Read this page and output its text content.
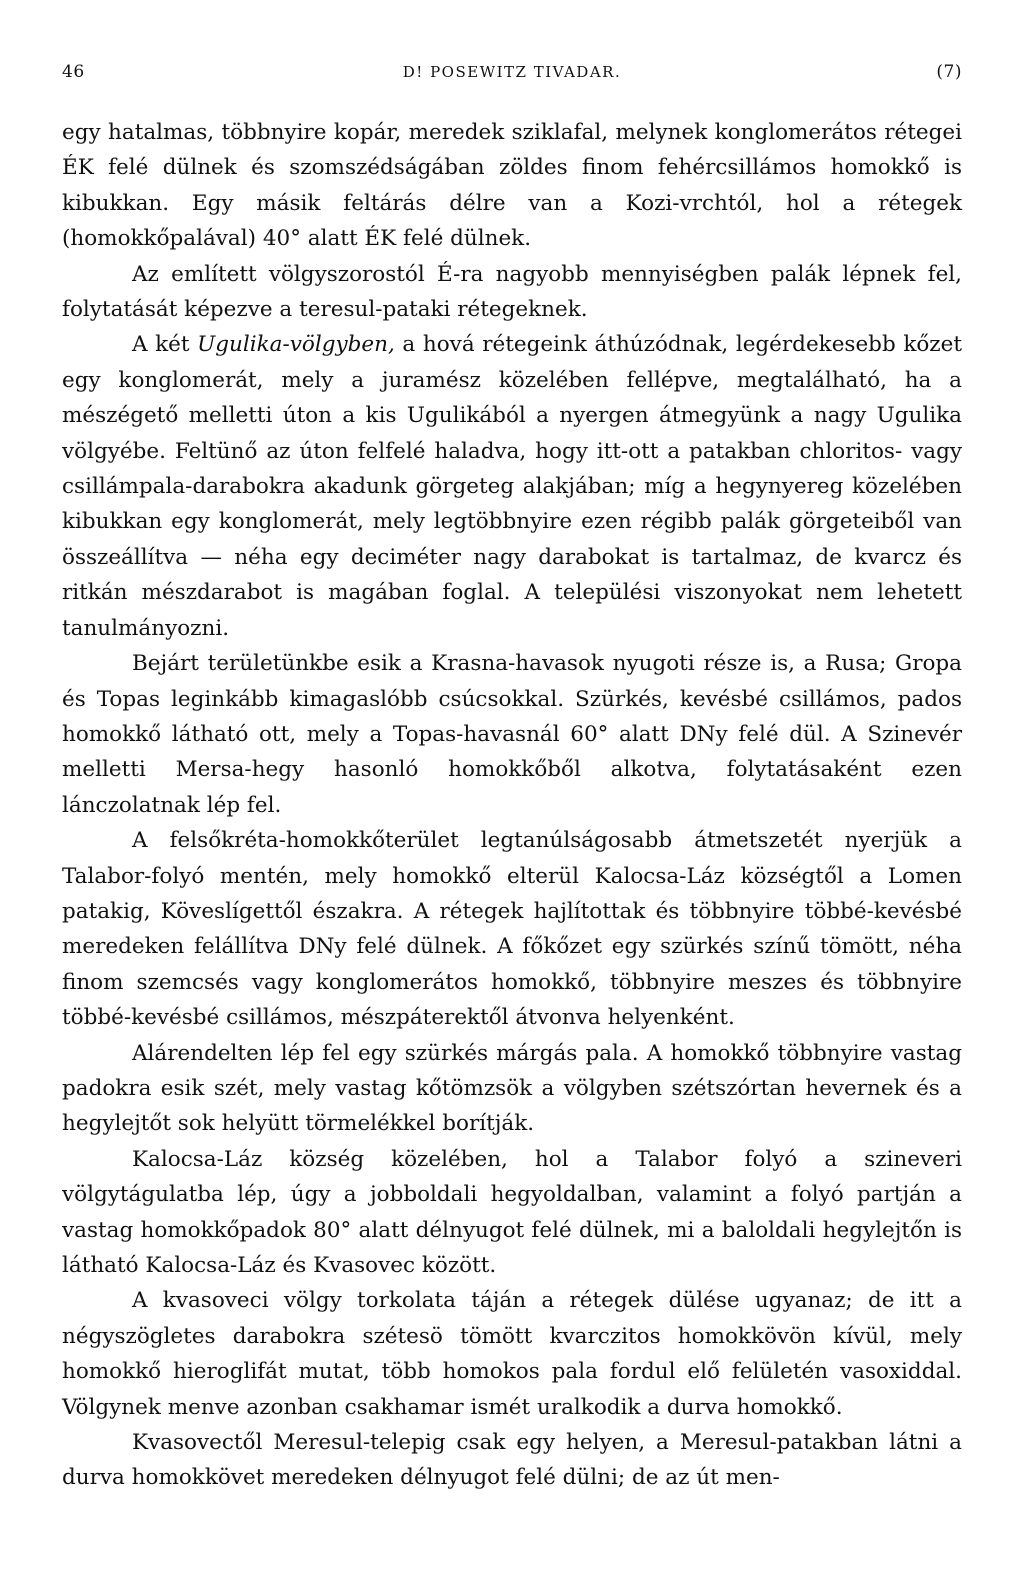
46	D! POSEWITZ TIVADAR.	(7)

egy hatalmas, többnyire kopár, meredek sziklafal, melynek konglomerátos rétegei ÉK felé dülnek és szomszédságában zöldes finom fehércsillámos homokkő is kibukkan. Egy másik feltárás délre van a Kozi-vrchtól, hol a rétegek (homokkőpalával) 40° alatt ÉK felé dülnek.

Az említett völgyszorostól É-ra nagyobb mennyiségben palák lépnek fel, folytatását képezve a teresul-pataki rétegeknek.

A két Ugulika-völgyben, a hová rétegeink áthúzódnak, legérdekesebb kőzet egy konglomerát, mely a juramész közelében fellépve, megtalálható, ha a mészégető melletti úton a kis Ugulikából a nyergen átmegyünk a nagy Ugulika völgyébe. Feltünő az úton felfelé haladva, hogy itt-ott a patakban chloritos- vagy csillámpala-darabokra akadunk görgeteg alakjában; míg a hegynyereg közelében kibukkan egy konglomerát, mely legtöbbnyire ezen régibb palák görgeteiből van összeállítva — néha egy deciméter nagy darabokat is tartalmaz, de kvarcz és ritkán mészdarabot is magában foglal. A települési viszonyokat nem lehetett tanulmányozni.

Bejárt területünkbe esik a Krasna-havasok nyugoti része is, a Rusa; Gropa és Topas leginkább kimagaslóbb csúcsokkal. Szürkés, kevésbé csillámos, pados homokkő látható ott, mely a Topas-havasnál 60° alatt DNy felé dül. A Szinevér melletti Mersa-hegy hasonló homokkőből alkotva, folytatásaként ezen lánczolatnak lép fel.

A felsőkréta-homokkőterület legtanúlságosabb átmetszetét nyerjük a Talabor-folyó mentén, mely homokkő elterül Kalocsa-Láz községtől a Lomen patakig, Köveslígettől északra. A rétegek hajlítottak és többnyire többé-kevésbé meredeken felállítva DNy felé dülnek. A főkőzet egy szürkés színű tömött, néha finom szemcsés vagy konglomerátos homokkő, többnyire meszes és többnyire többé-kevésbé csillámos, mészpáterektől átvonva helyenként.

Alárendelten lép fel egy szürkés márgás pala. A homokkő többnyire vastag padokra esik szét, mely vastag kőtömzsök a völgyben szétszórtan hevernek és a hegylejtőt sok helyütt törmelékkel borítják.

Kalocsa-Láz község közelében, hol a Talabor folyó a szineveri völgytágulatba lép, úgy a jobboldali hegyoldalban, valamint a folyó partján a vastag homokkőpadok 80° alatt délnyugot felé dülnek, mi a baloldali hegylejtőn is látható Kalocsa-Láz és Kvasovec között.

A kvasoveci völgy torkolata táján a rétegek dülése ugyanaz; de itt a négyszögletes darabokra szétesö tömött kvarczitos homokkövön kívül, mely homokkő hieroglifát mutat, több homokos pala fordul elő felületén vasoxiddal. Völgynek menve azonban csakhamar ismét uralkodik a durva homokkő.

Kvasovectől Meresul-telepig csak egy helyen, a Meresul-patakban látni a durva homokkövet meredeken délnyugot felé dülni; de az út men-
